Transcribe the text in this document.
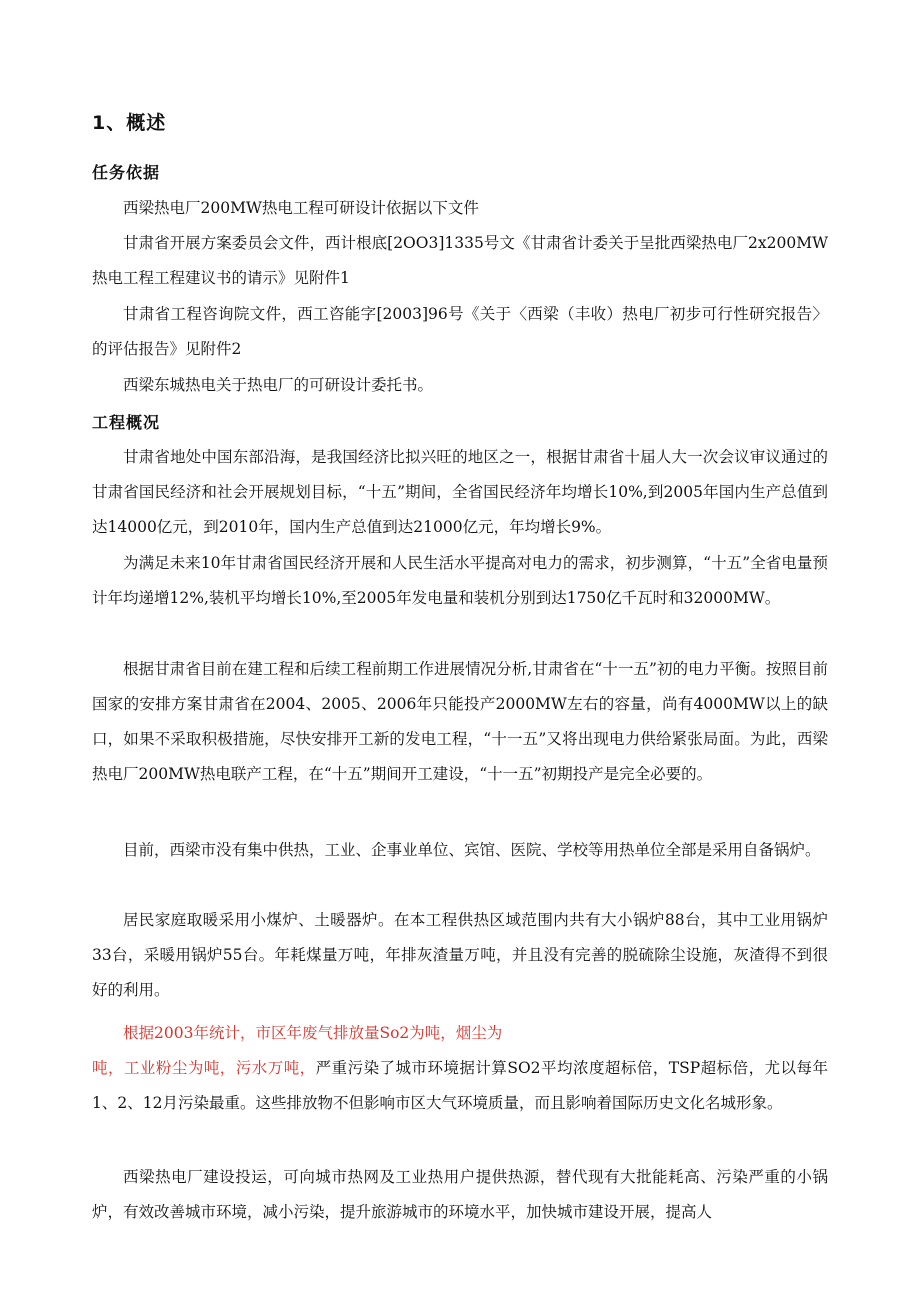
1、概述
任务依据

西梁热电厂200MW热电工程可研设计依据以下文件

甘肃省开展方案委员会文件，西计根底[2OO3]1335号文《甘肃省计委关于呈批西梁热电厂2x200MW热电工程工程建议书的请示》见附件1

甘肃省工程咨询院文件，西工咨能字[2003]96号《关于〈西梁（丰收）热电厂初步可行性研究报告〉的评估报告》见附件2

西梁东城热电关于热电厂的可研设计委托书。

工程概况

甘肃省地处中国东部沿海，是我国经济比拟兴旺的地区之一，根据甘肃省十届人大一次会议审议通过的甘肃省国民经济和社会开展规划目标，“十五”期间，全省国民经济年均增长10%,到2005年国内生产总值到达14000亿元，到2010年，国内生产总值到达21000亿元，年均增长9%。

为满足未来10年甘肃省国民经济开展和人民生活水平提高对电力的需求，初步测算，“十五”全省电量预计年均递增12%,装机平均增长10%,至2005年发电量和装机分别到达1750亿千瓦时和32000MW。

根据甘肃省目前在建工程和后续工程前期工作进展情况分析,甘肃省在“十一五”初的电力平衡。按照目前国家的安排方案甘肃省在2004、2005、2006年只能投产2000MW左右的容量，尚有4000MW以上的缺口，如果不采取积极措施，尽快安排开工新的发电工程，“十一五”又将出现电力供给紧张局面。为此，西梁热电厂200MW热电联产工程，在“十五”期间开工建设，“十一五”初期投产是完全必要的。

目前，西梁市没有集中供热，工业、企事业单位、宾馆、医院、学校等用热单位全部是采用自备锅炉。

居民家庭取暖采用小煤炉、土暖器炉。在本工程供热区域范围内共有大小锅炉88台，其中工业用锅炉33台，采暖用锅炉55台。年耗煤量万吨，年排灰渣量万吨，并且没有完善的脱硫除尘设施，灰渣得不到很好的利用。

根据2003年统计，市区年废气排放量So2为吨，烟尘为

吨，工业粉尘为吨，污水万吨，严重污染了城市环境据计算SO2平均浓度超标倍，TSP超标倍，尤以每年1、2、12月污染最重。这些排放物不但影响市区大气环境质量，而且影响着国际历史文化名城形象。

西梁热电厂建设投运，可向城市热网及工业热用户提供热源，替代现有大批能耗高、污染严重的小锅炉，有效改善城市环境，减小污染，提升旅游城市的环境水平，加快城市建设开展，提高人
